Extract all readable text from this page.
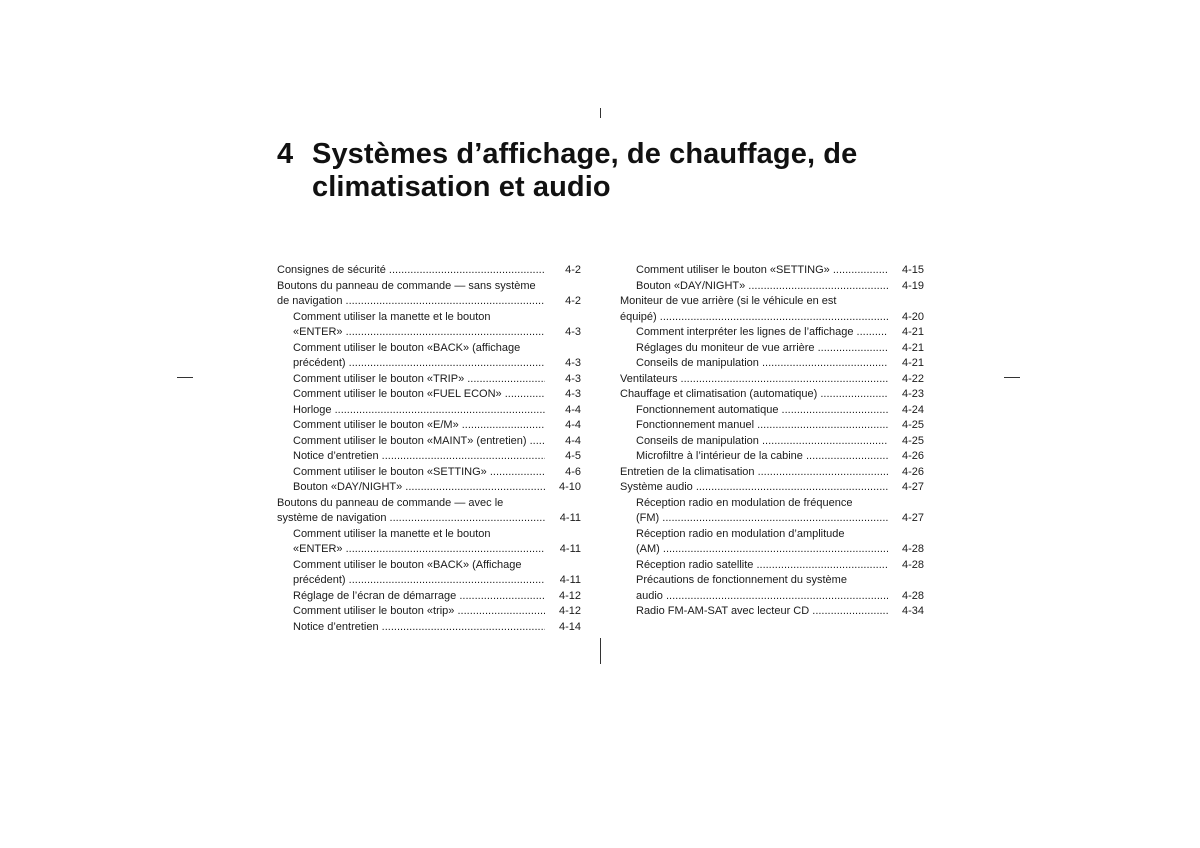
4 Systèmes d’affichage, de chauffage, de
climatisation et audio
Consignes de sécurité .....	4-2
Boutons du panneau de commande — sans système
de navigation .....	4-2
Comment utiliser la manette et le bouton
«ENTER» .....	4-3
Comment utiliser le bouton «BACK» (affichage
précédent) .....	4-3
Comment utiliser le bouton «TRIP» .....	4-3
Comment utiliser le bouton «FUEL ECON» .....	4-3
Horloge .....	4-4
Comment utiliser le bouton «E/M» .....	4-4
Comment utiliser le bouton «MAINT» (entretien) .....	4-4
Notice d’entretien .....	4-5
Comment utiliser le bouton «SETTING» .....	4-6
Bouton «DAY/NIGHT» .....	4-10
Boutons du panneau de commande — avec le
système de navigation .....	4-11
Comment utiliser la manette et le bouton
«ENTER» .....	4-11
Comment utiliser le bouton «BACK» (Affichage
précédent) .....	4-11
Réglage de l’écran de démarrage .....	4-12
Comment utiliser le bouton «trip» .....	4-12
Notice d’entretien .....	4-14
Comment utiliser le bouton «SETTING» .....	4-15
Bouton «DAY/NIGHT» .....	4-19
Moniteur de vue arrière (si le véhicule en est
équipé) .....	4-20
Comment interpréter les lignes de l’affichage .....	4-21
Réglages du moniteur de vue arrière .....	4-21
Conseils de manipulation .....	4-21
Ventilateurs .....	4-22
Chauffage et climatisation (automatique) .....	4-23
Fonctionnement automatique .....	4-24
Fonctionnement manuel .....	4-25
Conseils de manipulation .....	4-25
Microfiltre à l’intérieur de la cabine .....	4-26
Entretien de la climatisation .....	4-26
Système audio .....	4-27
Réception radio en modulation de fréquence
(FM) .....	4-27
Réception radio en modulation d’amplitude
(AM) .....	4-28
Réception radio satellite .....	4-28
Précautions de fonctionnement du système
audio .....	4-28
Radio FM-AM-SAT avec lecteur CD .....	4-34
